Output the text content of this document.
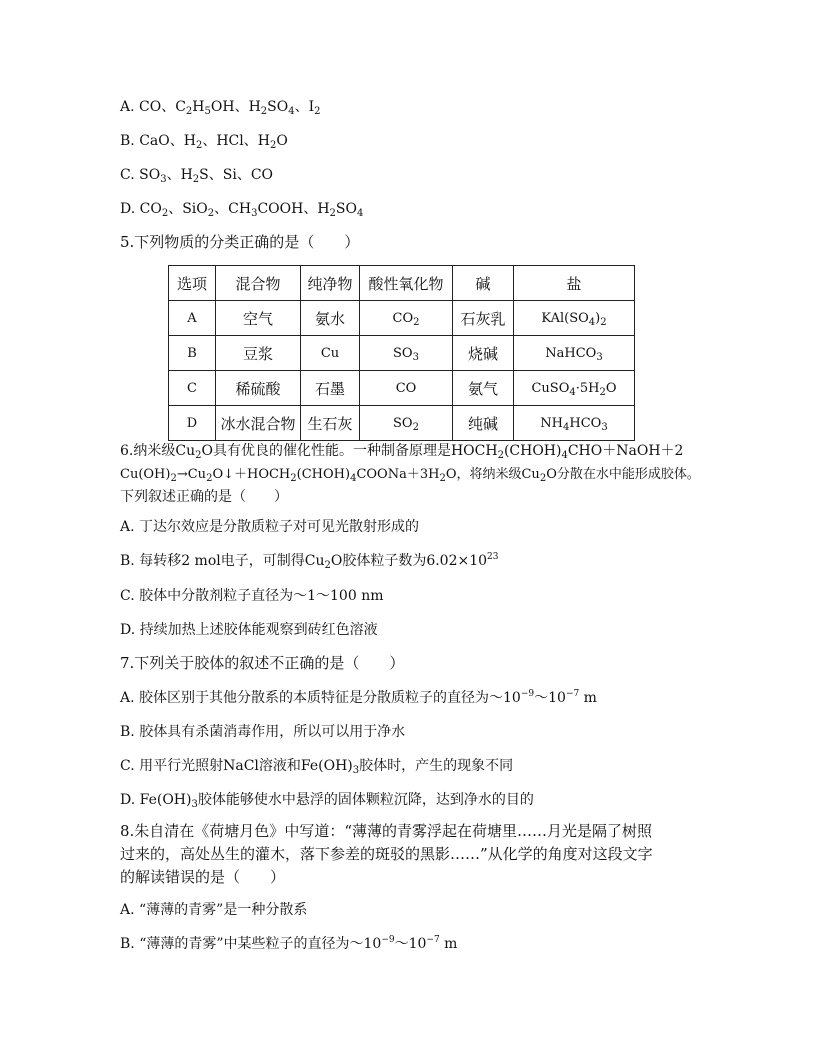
A. CO、$C_2H_5OH$、$H_2SO_4$、$I_2$
B. CaO、$H_2$、HCl、$H_2O$
C. $SO_3$、$H_2S$、Si、CO
D. $CO_2$、SiO$_2$、$CH_3COOH$、$H_2SO_4$
5.下列物质的分类正确的是（　　）
选项	混合物	纯净物	酸性氧化物	碱	盐
A	空气	氨水	$CO_2$	石灰乳	$KAl(SO_4)_2$
B	豆浆	Cu	$SO_3$	烧碱	NaHCO$_3$
C	稀硫酸	石墨	CO	氨气	$CuSO_4\cdot 5H_2O$
D	冰水混合物	生石灰	$SO_2$	纯碱	$NH_4HCO_3$
6.纳米级$Cu_2O$具有优良的催化性能。一种制备原理是$HOCH_2(CHOH)_4CHO+NaOH+2$
$Cu(OH)_2\to Cu_2O↓+HOCH_2(CHOH)_4COONa+3H_2O$，将纳米级$Cu_2O$分散在水中能形成胶体。
下列叙述正确的是（　　）
A. 丁达尔效应是分散质粒子对可见光散射形成的
B. 每转移2 mol电子，可制得$Cu_2O$胶体粒子数为$6.02\times 10^{23}$
C. 胶体中分散剂粒子直径为～1～100 nm
D. 持续加热上述胶体能观察到砖红色溶液
7.下列关于胶体的叙述不正确的是（　　）
A. 胶体区别于其他分散系的本质特征是分散质粒子的直径为$\sim 10^{-9}\sim 10^{-7}$ m
B. 胶体具有杀菌消毒作用，所以可以用于净水
C. 用平行光照射NaCl溶液和$Fe(OH)_3$胶体时，产生的现象不同
D. $Fe(OH)_3$胶体能够使水中悬浮的固体颗粒沉降，达到净水的目的
8.朱自清在《荷塘月色》中写道：“薄薄的青雾浮起在荷塘里……月光是隔了树照
过来的，高处丛生的灌木，落下参差的斑驳的黑影……”从化学的角度对这段文字
的解读错误的是（　　）
A. “薄薄的青雾”是一种分散系
B. “薄薄的青雾”中某些粒子的直径为$\sim 10^{-9}\sim 10^{-7}$ m
